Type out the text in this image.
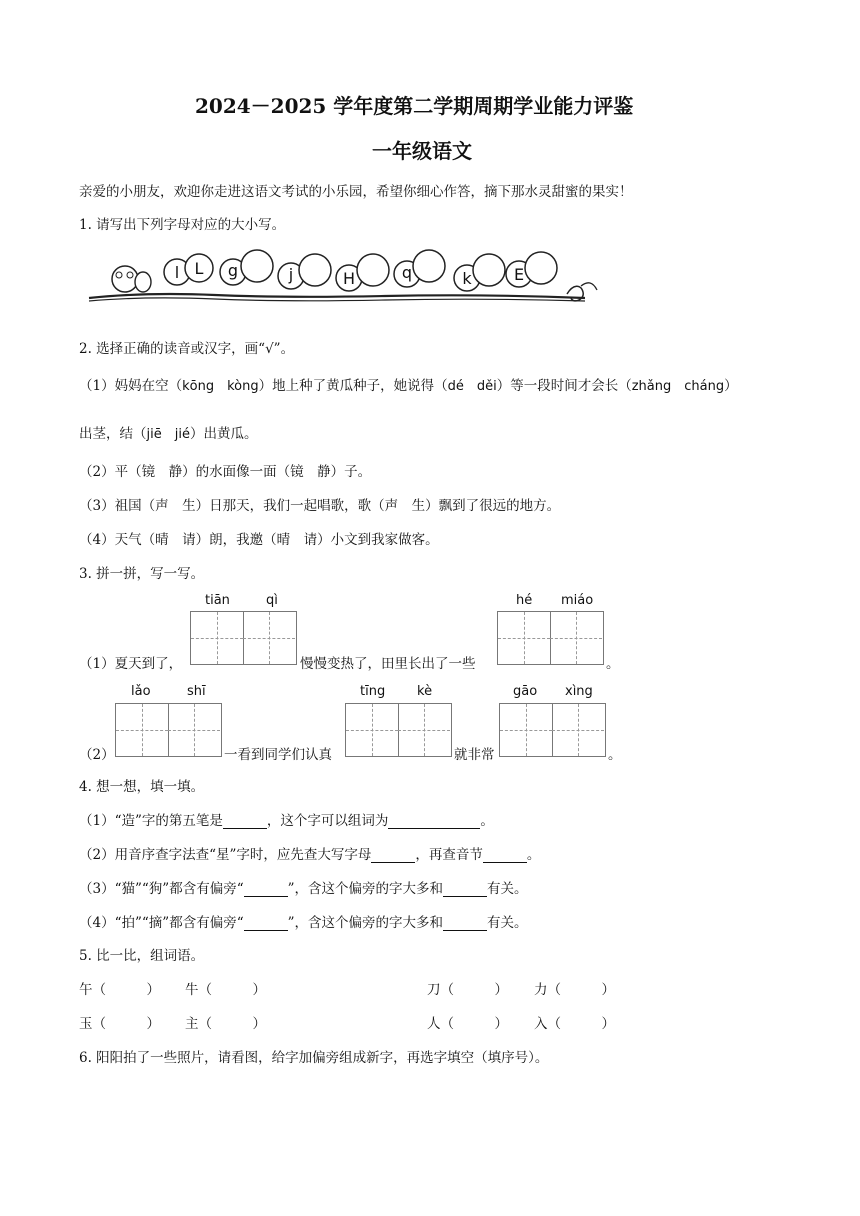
2024－2025 学年度第二学期周期学业能力评鉴
一年级语文
亲爱的小朋友，欢迎你走进这语文考试的小乐园，希望你细心作答，摘下那水灵甜蜜的果实！
1. 请写出下列字母对应的大小写。
l L g	j	H	q	k	E
2. 选择正确的读音或汉字，画“√”。
（1）妈妈在空（kōng　kòng）地上种了黄瓜种子，她说得（dé　děi）等一段时间才会长（zhǎng　cháng）
出茎，结（jiē　jié）出黄瓜。
（2）平（镜　静）的水面像一面（镜　静）子。
（3）祖国（声　生）日那天，我们一起唱歌，歌（声　生）飘到了很远的地方。
（4）天气（晴　请）朗，我邀（晴　请）小文到我家做客。
3. 拼一拼，写一写。
tiān	qì	hé miáo
（1）夏天到了，	慢慢变热了，田里长出了一些	。
lǎo	shī	tīng kè	gāo xìng
（2）	一看到同学们认真	就非常	。
4. 想一想，填一填。
（1）“造”字的第五笔是	，这个字可以组词为	。
（2）用音序查字法查“星”字时，应先查大写字母	，再查音节	。
（3）“猫”“狗”都含有偏旁“	”，含这个偏旁的字大多和	有关。
（4）“拍”“摘”都含有偏旁“	”，含这个偏旁的字大多和	有关。
5. 比一比，组词语。
午（　　　） 牛（　　　）	刀（　　　） 力（　　　）
玉（　　　） 主（　　　）	人（　　　） 入（　　　）
6. 阳阳拍了一些照片，请看图，给字加偏旁组成新字，再选字填空（填序号）。
